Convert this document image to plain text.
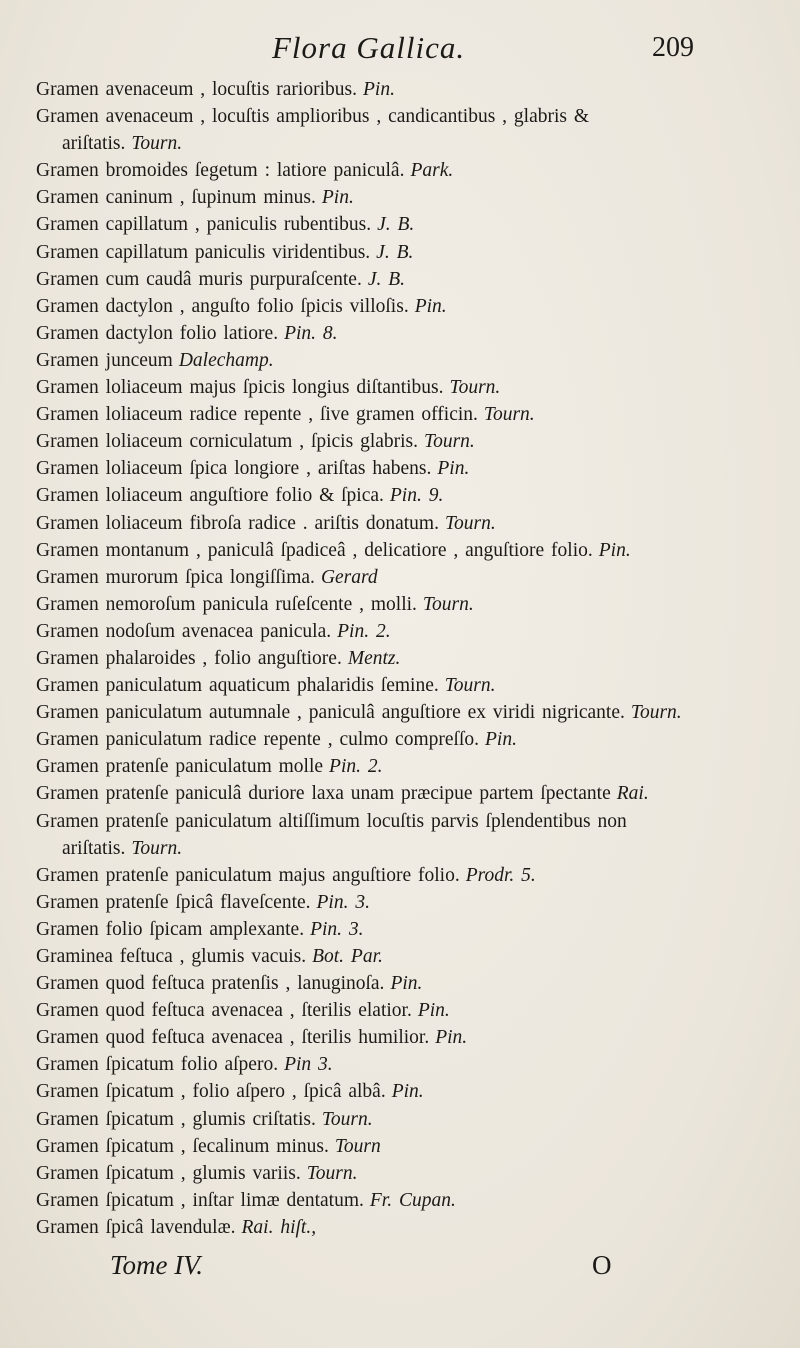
Flora Gallica.	209
Gramen avenaceum , locuſtis rarioribus. Pin.
Gramen avenaceum , locuſtis amplioribus , candicantibus , glabris & ariſtatis. Tourn.
Gramen bromoides ſegetum : latiore paniculâ. Park.
Gramen caninum , ſupinum minus. Pin.
Gramen capillatum , paniculis rubentibus. J. B.
Gramen capillatum paniculis viridentibus. J. B.
Gramen cum caudâ muris purpuraſcente. J. B.
Gramen dactylon , anguſto folio ſpicis villoſis. Pin.
Gramen dactylon folio latiore. Pin. 8.
Gramen junceum Dalechamp.
Gramen loliaceum majus ſpicis longius diſtantibus. Tourn.
Gramen loliaceum radice repente , ſive gramen officin. Tourn.
Gramen loliaceum corniculatum , ſpicis glabris. Tourn.
Gramen loliaceum ſpica longiore , ariſtas habens. Pin.
Gramen loliaceum anguſtiore folio & ſpica. Pin. 9.
Gramen loliaceum fibroſa radice . ariſtis donatum. Tourn.
Gramen montanum , paniculâ ſpadiceâ , delicatiore , anguſtiore folio. Pin.
Gramen murorum ſpica longiſſima. Gerard
Gramen nemoroſum panicula ruſeſcente , molli. Tourn.
Gramen nodoſum avenacea panicula. Pin. 2.
Gramen phalaroides , folio anguſtiore. Mentz.
Gramen paniculatum aquaticum phalaridis ſemine. Tourn.
Gramen paniculatum autumnale , paniculâ anguſtiore ex viridi nigricante. Tourn.
Gramen paniculatum radice repente , culmo compreſſo. Pin.
Gramen pratenſe paniculatum molle Pin. 2.
Gramen pratenſe paniculâ duriore laxa unam præcipue partem ſpectante Rai.
Gramen pratenſe paniculatum altiſſimum locuſtis parvis ſplendentibus non ariſtatis. Tourn.
Gramen pratenſe paniculatum majus anguſtiore folio. Prodr. 5.
Gramen pratenſe ſpicâ flaveſcente. Pin. 3.
Gramen folio ſpicam amplexante. Pin. 3.
Graminea feſtuca , glumis vacuis. Bot. Par.
Gramen quod feſtuca pratenſis , lanuginoſa. Pin.
Gramen quod feſtuca avenacea , ſterilis elatior. Pin.
Gramen quod feſtuca avenacea , ſterilis humilior. Pin.
Gramen ſpicatum folio aſpero. Pin 3.
Gramen ſpicatum , folio aſpero , ſpicâ albâ. Pin.
Gramen ſpicatum , glumis criſtatis. Tourn.
Gramen ſpicatum , ſecalinum minus. Tourn
Gramen ſpicatum , glumis variis. Tourn.
Gramen ſpicatum , inſtar limæ dentatum. Fr. Cupan.
Gramen ſpicâ lavendulæ. Rai. hiſt.,
Tome IV.	O
